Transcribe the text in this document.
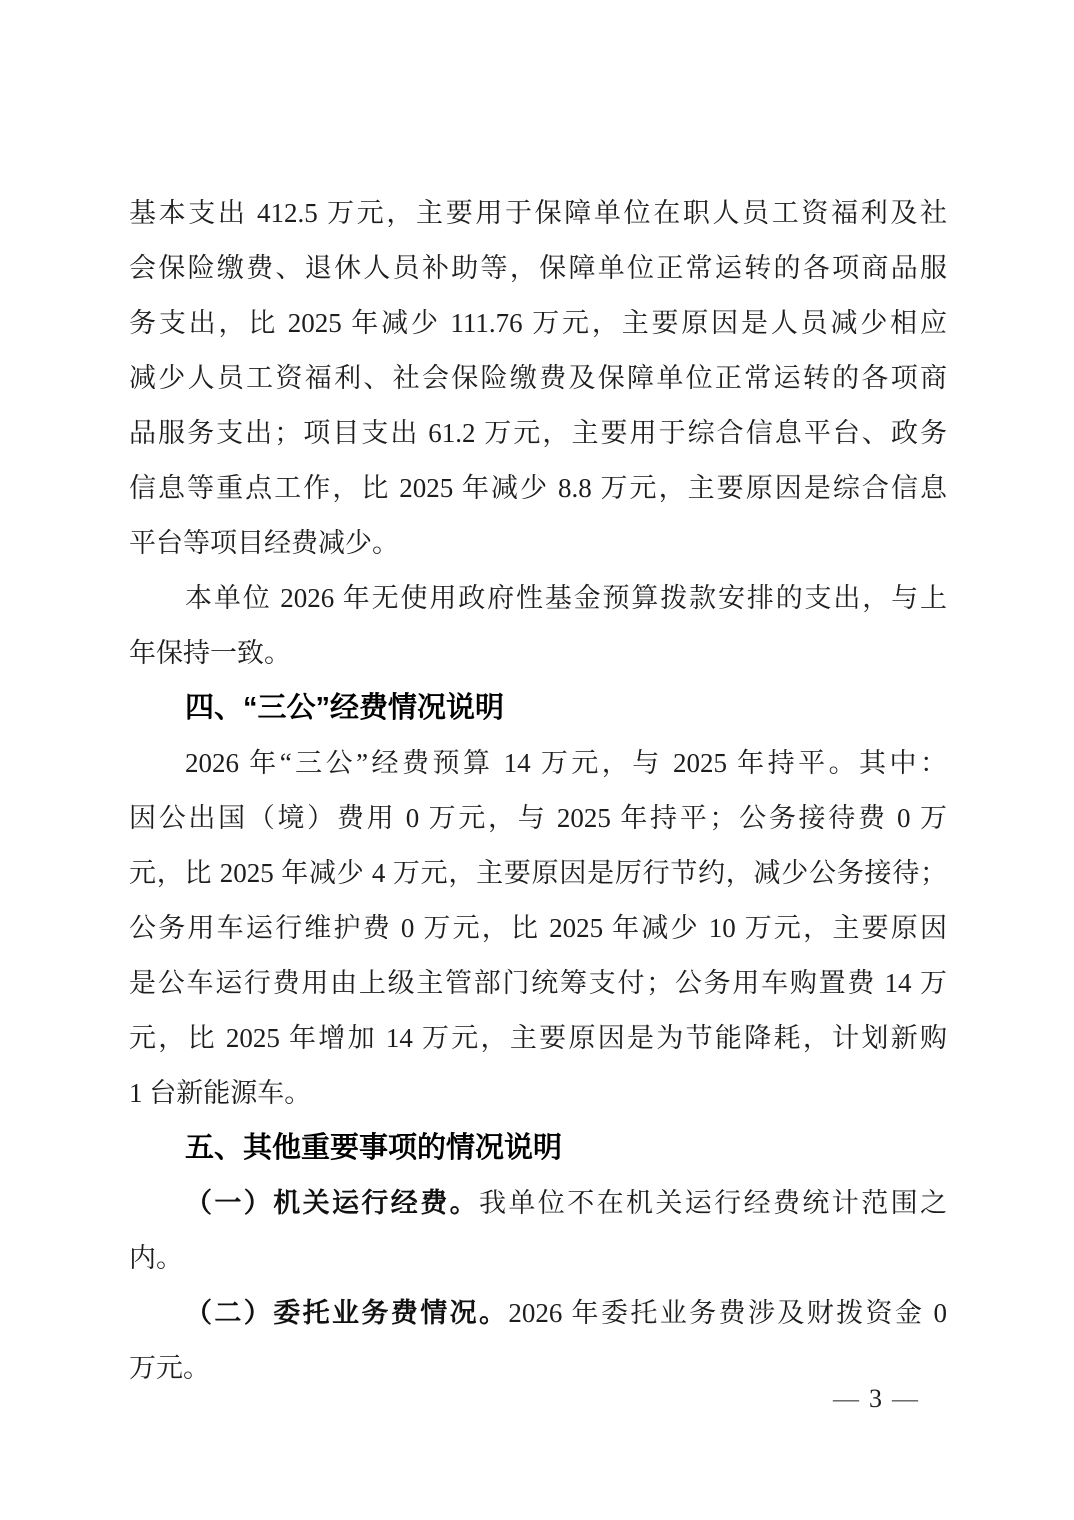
基本支出 412.5 万元，主要用于保障单位在职人员工资福利及社
会保险缴费、退休人员补助等，保障单位正常运转的各项商品服
务支出，比 2025 年减少 111.76 万元，主要原因是人员减少相应
减少人员工资福利、社会保险缴费及保障单位正常运转的各项商
品服务支出；项目支出 61.2 万元，主要用于综合信息平台、政务
信息等重点工作，比 2025 年减少 8.8 万元，主要原因是综合信息
平台等项目经费减少。
本单位 2026 年无使用政府性基金预算拨款安排的支出，与上
年保持一致。
四、“三公”经费情况说明
2026 年“三公”经费预算 14 万元，与 2025 年持平。其中：
因公出国（境）费用 0 万元，与 2025 年持平；公务接待费 0 万
元，比 2025 年减少 4 万元，主要原因是厉行节约，减少公务接待；
公务用车运行维护费 0 万元，比 2025 年减少 10 万元，主要原因
是公车运行费用由上级主管部门统筹支付；公务用车购置费 14 万
元，比 2025 年增加 14 万元，主要原因是为节能降耗，计划新购
1 台新能源车。
五、其他重要事项的情况说明
（一）机关运行经费。我单位不在机关运行经费统计范围之
内。
（二）委托业务费情况。2026 年委托业务费涉及财拨资金 0
万元。
— 3 —
